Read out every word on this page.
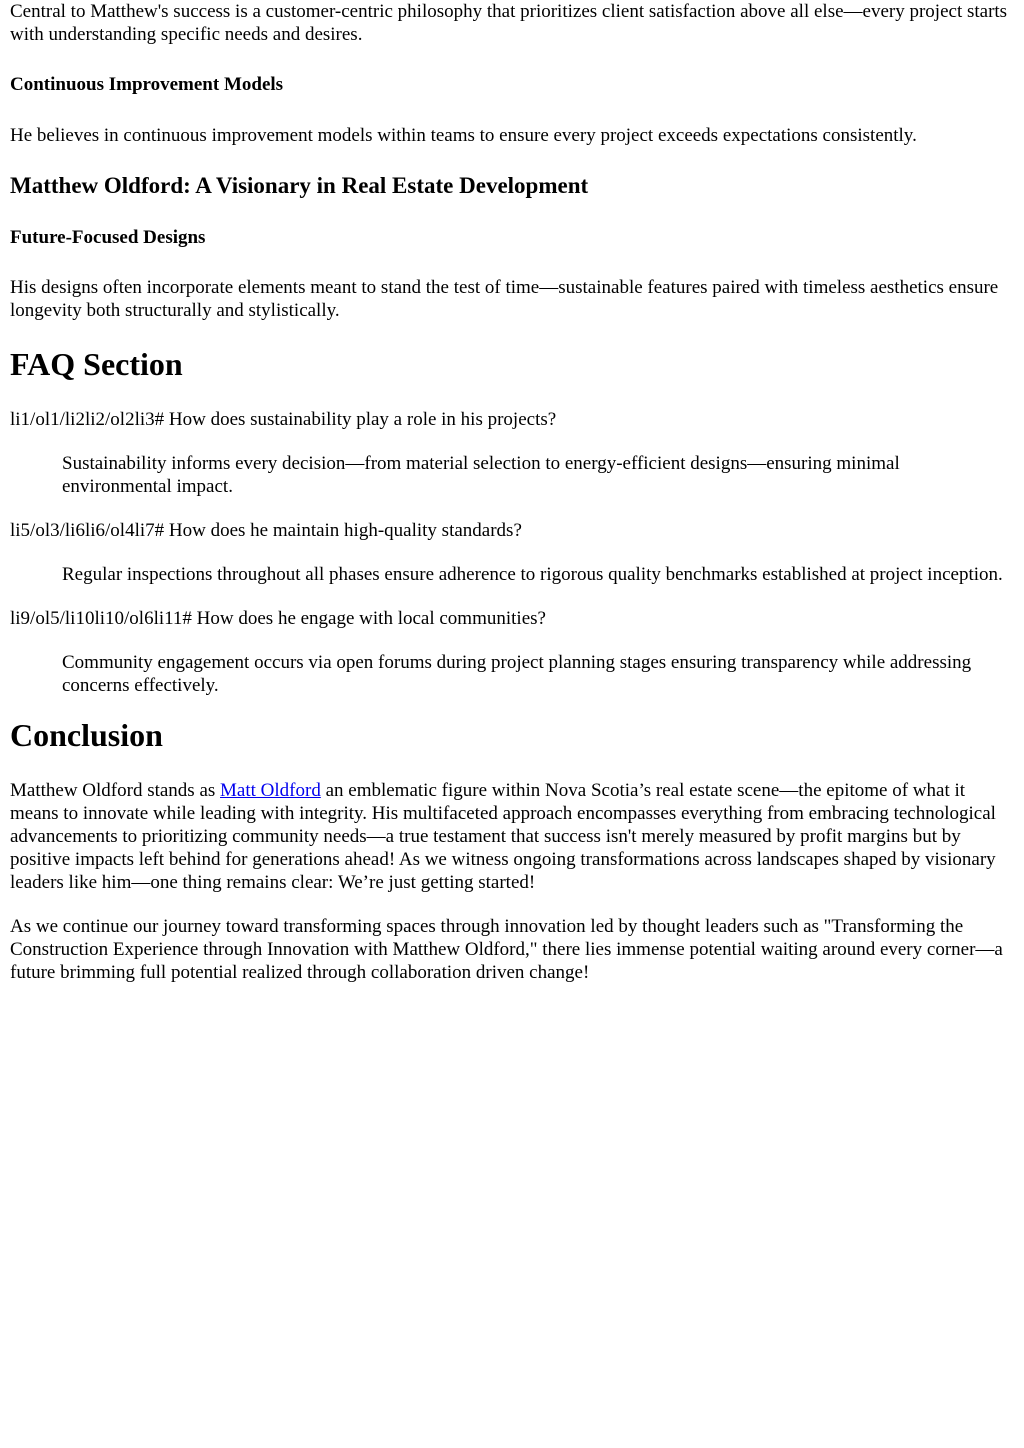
Central to Matthew's success is a customer-centric philosophy that prioritizes client satisfaction above all else—every project starts with understanding specific needs and desires.

Continuous Improvement Models

He believes in continuous improvement models within teams to ensure every project exceeds expectations consistently.

Matthew Oldford: A Visionary in Real Estate Development
Future-Focused Designs

His designs often incorporate elements meant to stand the test of time—sustainable features paired with timeless aesthetics ensure longevity both structurally and stylistically.

FAQ Section

li1/ol1/li2li2/ol2li3# How does sustainability play a role in his projects?

Sustainability informs every decision—from material selection to energy-efficient designs—ensuring minimal environmental impact.

li5/ol3/li6li6/ol4li7# How does he maintain high-quality standards?

Regular inspections throughout all phases ensure adherence to rigorous quality benchmarks established at project inception.

li9/ol5/li10li10/ol6li11# How does he engage with local communities?

Community engagement occurs via open forums during project planning stages ensuring transparency while addressing concerns effectively.

Conclusion

Matthew Oldford stands as Matt Oldford an emblematic figure within Nova Scotia’s real estate scene—the epitome of what it means to innovate while leading with integrity. His multifaceted approach encompasses everything from embracing technological advancements to prioritizing community needs—a true testament that success isn't merely measured by profit margins but by positive impacts left behind for generations ahead! As we witness ongoing transformations across landscapes shaped by visionary leaders like him—one thing remains clear: We’re just getting started!

As we continue our journey toward transforming spaces through innovation led by thought leaders such as "Transforming the Construction Experience through Innovation with Matthew Oldford," there lies immense potential waiting around every corner—a future brimming full potential realized through collaboration driven change!
